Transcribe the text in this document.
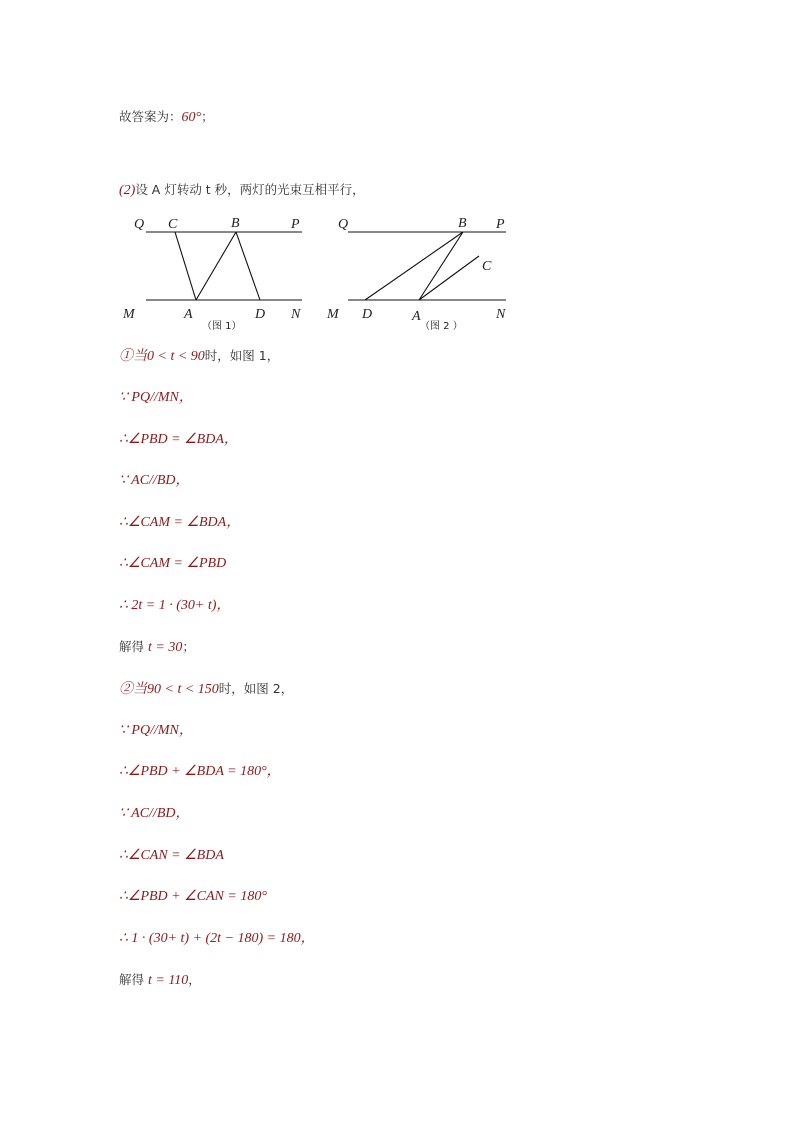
故答案为：60°；
(2)设 A 灯转动 t 秒，两灯的光束互相平行，
Q C	B	P
M	A	D N
（图 1）
Q	B P
C
M D	A	N
（图 2 ）
①当0 < t < 90时，如图 1，
∵ PQ//MN，
∴∠PBD = ∠BDA，
∵ AC//BD，
∴∠CAM = ∠BDA，
∴∠CAM = ∠PBD
∴ 2t = 1 · (30+ t)，
解得 t = 30；
②当90 < t < 150时，如图 2，
∵ PQ//MN，
∴∠PBD + ∠BDA = 180°，
∵ AC//BD，
∴∠CAN = ∠BDA
∴∠PBD + ∠CAN = 180°
∴ 1 · (30+ t) + (2t − 180) = 180，
解得 t = 110，
